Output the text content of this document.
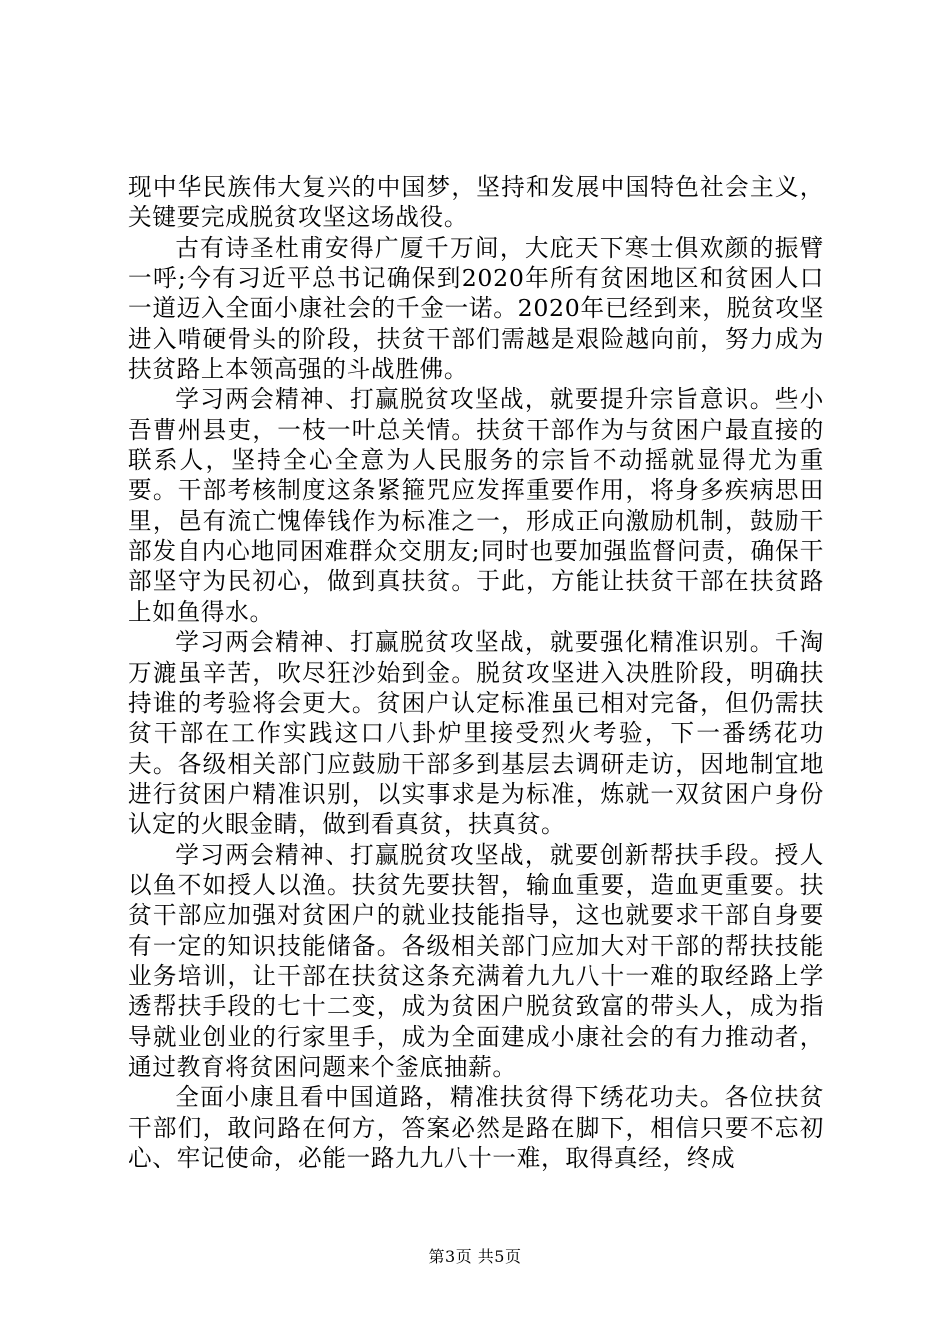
现中华民族伟大复兴的中国梦，坚持和发展中国特色社会主义，关键要完成脱贫攻坚这场战役。

古有诗圣杜甫安得广厦千万间，大庇天下寒士俱欢颜的振臂一呼;今有习近平总书记确保到2020年所有贫困地区和贫困人口一道迈入全面小康社会的千金一诺。2020年已经到来，脱贫攻坚进入啃硬骨头的阶段，扶贫干部们需越是艰险越向前，努力成为扶贫路上本领高强的斗战胜佛。

学习两会精神、打赢脱贫攻坚战，就要提升宗旨意识。些小吾曹州县吏，一枝一叶总关情。扶贫干部作为与贫困户最直接的联系人，坚持全心全意为人民服务的宗旨不动摇就显得尤为重要。干部考核制度这条紧箍咒应发挥重要作用，将身多疾病思田里，邑有流亡愧俸钱作为标准之一，形成正向激励机制，鼓励干部发自内心地同困难群众交朋友;同时也要加强监督问责，确保干部坚守为民初心，做到真扶贫。于此，方能让扶贫干部在扶贫路上如鱼得水。

学习两会精神、打赢脱贫攻坚战，就要强化精准识别。千淘万漉虽辛苦，吹尽狂沙始到金。脱贫攻坚进入决胜阶段，明确扶持谁的考验将会更大。贫困户认定标准虽已相对完备，但仍需扶贫干部在工作实践这口八卦炉里接受烈火考验，下一番绣花功夫。各级相关部门应鼓励干部多到基层去调研走访，因地制宜地进行贫困户精准识别，以实事求是为标准，炼就一双贫困户身份认定的火眼金睛，做到看真贫，扶真贫。

学习两会精神、打赢脱贫攻坚战，就要创新帮扶手段。授人以鱼不如授人以渔。扶贫先要扶智，输血重要，造血更重要。扶贫干部应加强对贫困户的就业技能指导，这也就要求干部自身要有一定的知识技能储备。各级相关部门应加大对干部的帮扶技能业务培训，让干部在扶贫这条充满着九九八十一难的取经路上学透帮扶手段的七十二变，成为贫困户脱贫致富的带头人，成为指导就业创业的行家里手，成为全面建成小康社会的有力推动者，通过教育将贫困问题来个釜底抽薪。

全面小康且看中国道路，精准扶贫得下绣花功夫。各位扶贫干部们，敢问路在何方，答案必然是路在脚下，相信只要不忘初心、牢记使命，必能一路九九八十一难，取得真经，终成

第3页 共5页
